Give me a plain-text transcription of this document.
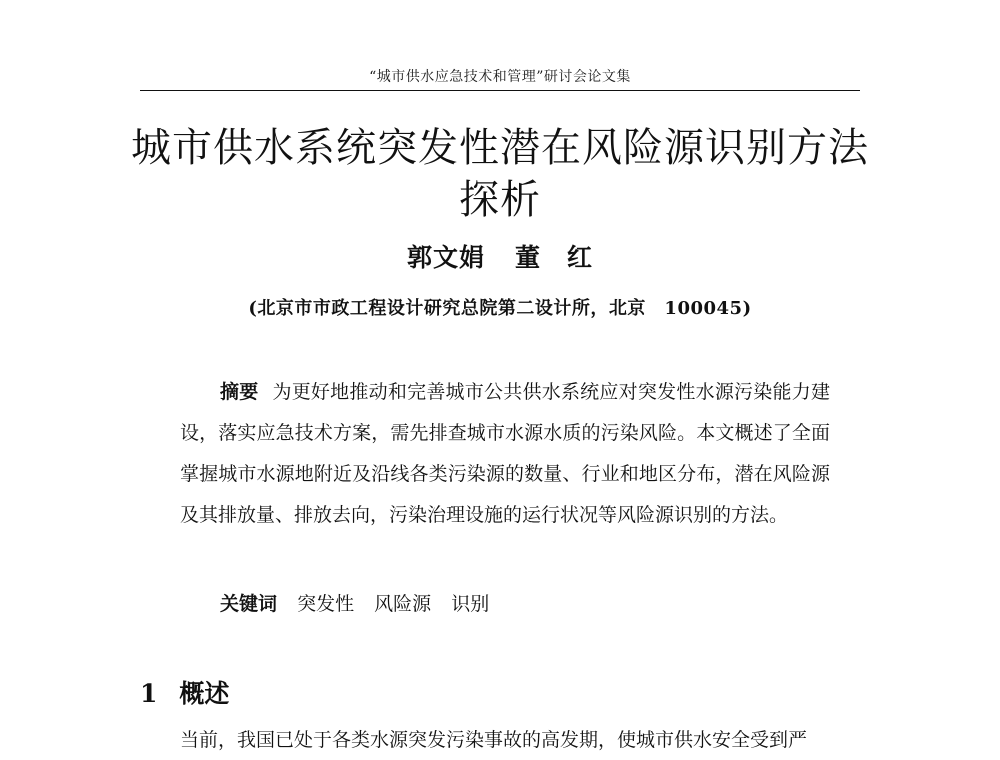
“城市供水应急技术和管理”研讨会论文集
城市供水系统突发性潜在风险源识别方法
探析
郭文娟 董　红
(北京市市政工程设计研究总院第二设计所，北京　100045)

摘要 为更好地推动和完善城市公共供水系统应对突发性水源污染能力建设，落实应急技术方案，需先排查城市水源水质的污染风险。本文概述了全面掌握城市水源地附近及沿线各类污染源的数量、行业和地区分布，潜在风险源及其排放量、排放去向，污染治理设施的运行状况等风险源识别的方法。

关键词 突发性 风险源 识别
1 概述

当前，我国已处于各类水源突发污染事故的高发期，使城市供水安全受到严
